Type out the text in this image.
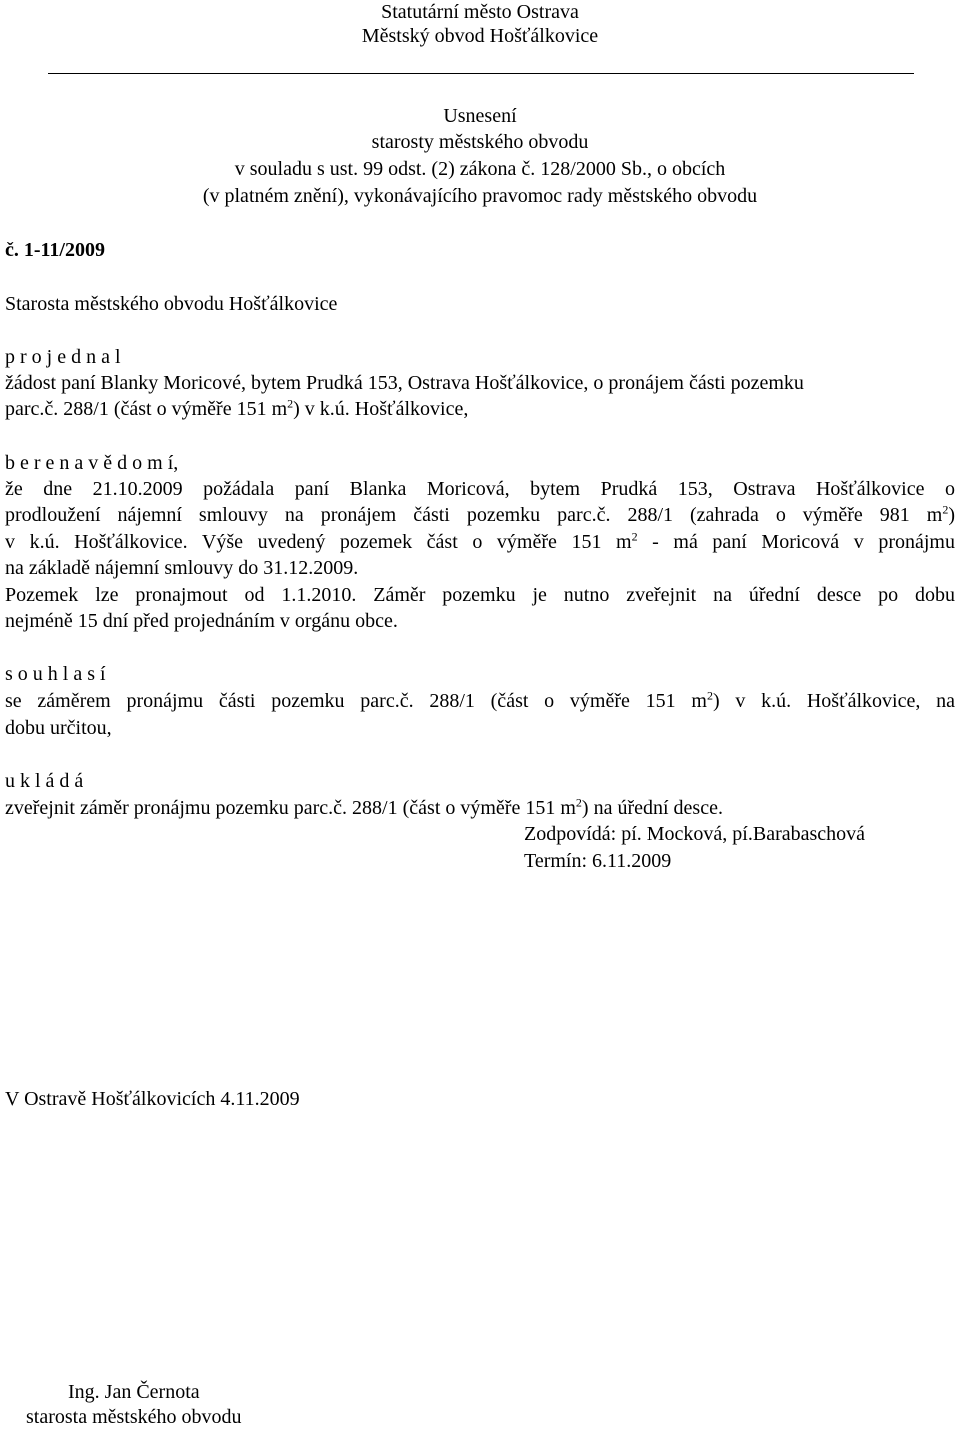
Statutární město Ostrava
Městský obvod Hošťálkovice
Usnesení
starosty městského obvodu
v souladu s ust. 99 odst. (2) zákona č. 128/2000 Sb., o obcích
(v platném znění), vykonávajícího pravomoc rady městského obvodu
č. 1-11/2009
Starosta městského obvodu Hošťálkovice
p r o j e d n a l
žádost paní Blanky Moricové, bytem Prudká 153, Ostrava Hošťálkovice, o pronájem části pozemku
parc.č. 288/1 (část o výměře 151 $m^2$) v k.ú. Hošťálkovice,
b e r e n a v ě d o m í,
že dne 21.10.2009 požádala paní Blanka Moricová, bytem Prudká 153, Ostrava Hošťálkovice o
prodloužení nájemní smlouvy na pronájem části pozemku parc.č. 288/1 (zahrada o výměře 981 $m^2$)
v k.ú. Hošťálkovice. Výše uvedený pozemek část o výměře 151 $m^2$ - má paní Moricová v pronájmu
na základě nájemní smlouvy do 31.12.2009.
Pozemek lze pronajmout od 1.1.2010. Záměr pozemku je nutno zveřejnit na úřední desce po dobu
nejméně 15 dní před projednáním v orgánu obce.
s o u h l a s í
se záměrem pronájmu části pozemku parc.č. 288/1 (část o výměře 151 $m^2$) v k.ú. Hošťálkovice, na
dobu určitou,
u k l á d á
zveřejnit záměr pronájmu pozemku parc.č. 288/1 (část o výměře 151 $m^2$) na úřední desce.
Zodpovídá: pí. Mocková, pí.Barabaschová
Termín: 6.11.2009
V Ostravě Hošťálkovicích 4.11.2009
Ing. Jan Černota
starosta městského obvodu
